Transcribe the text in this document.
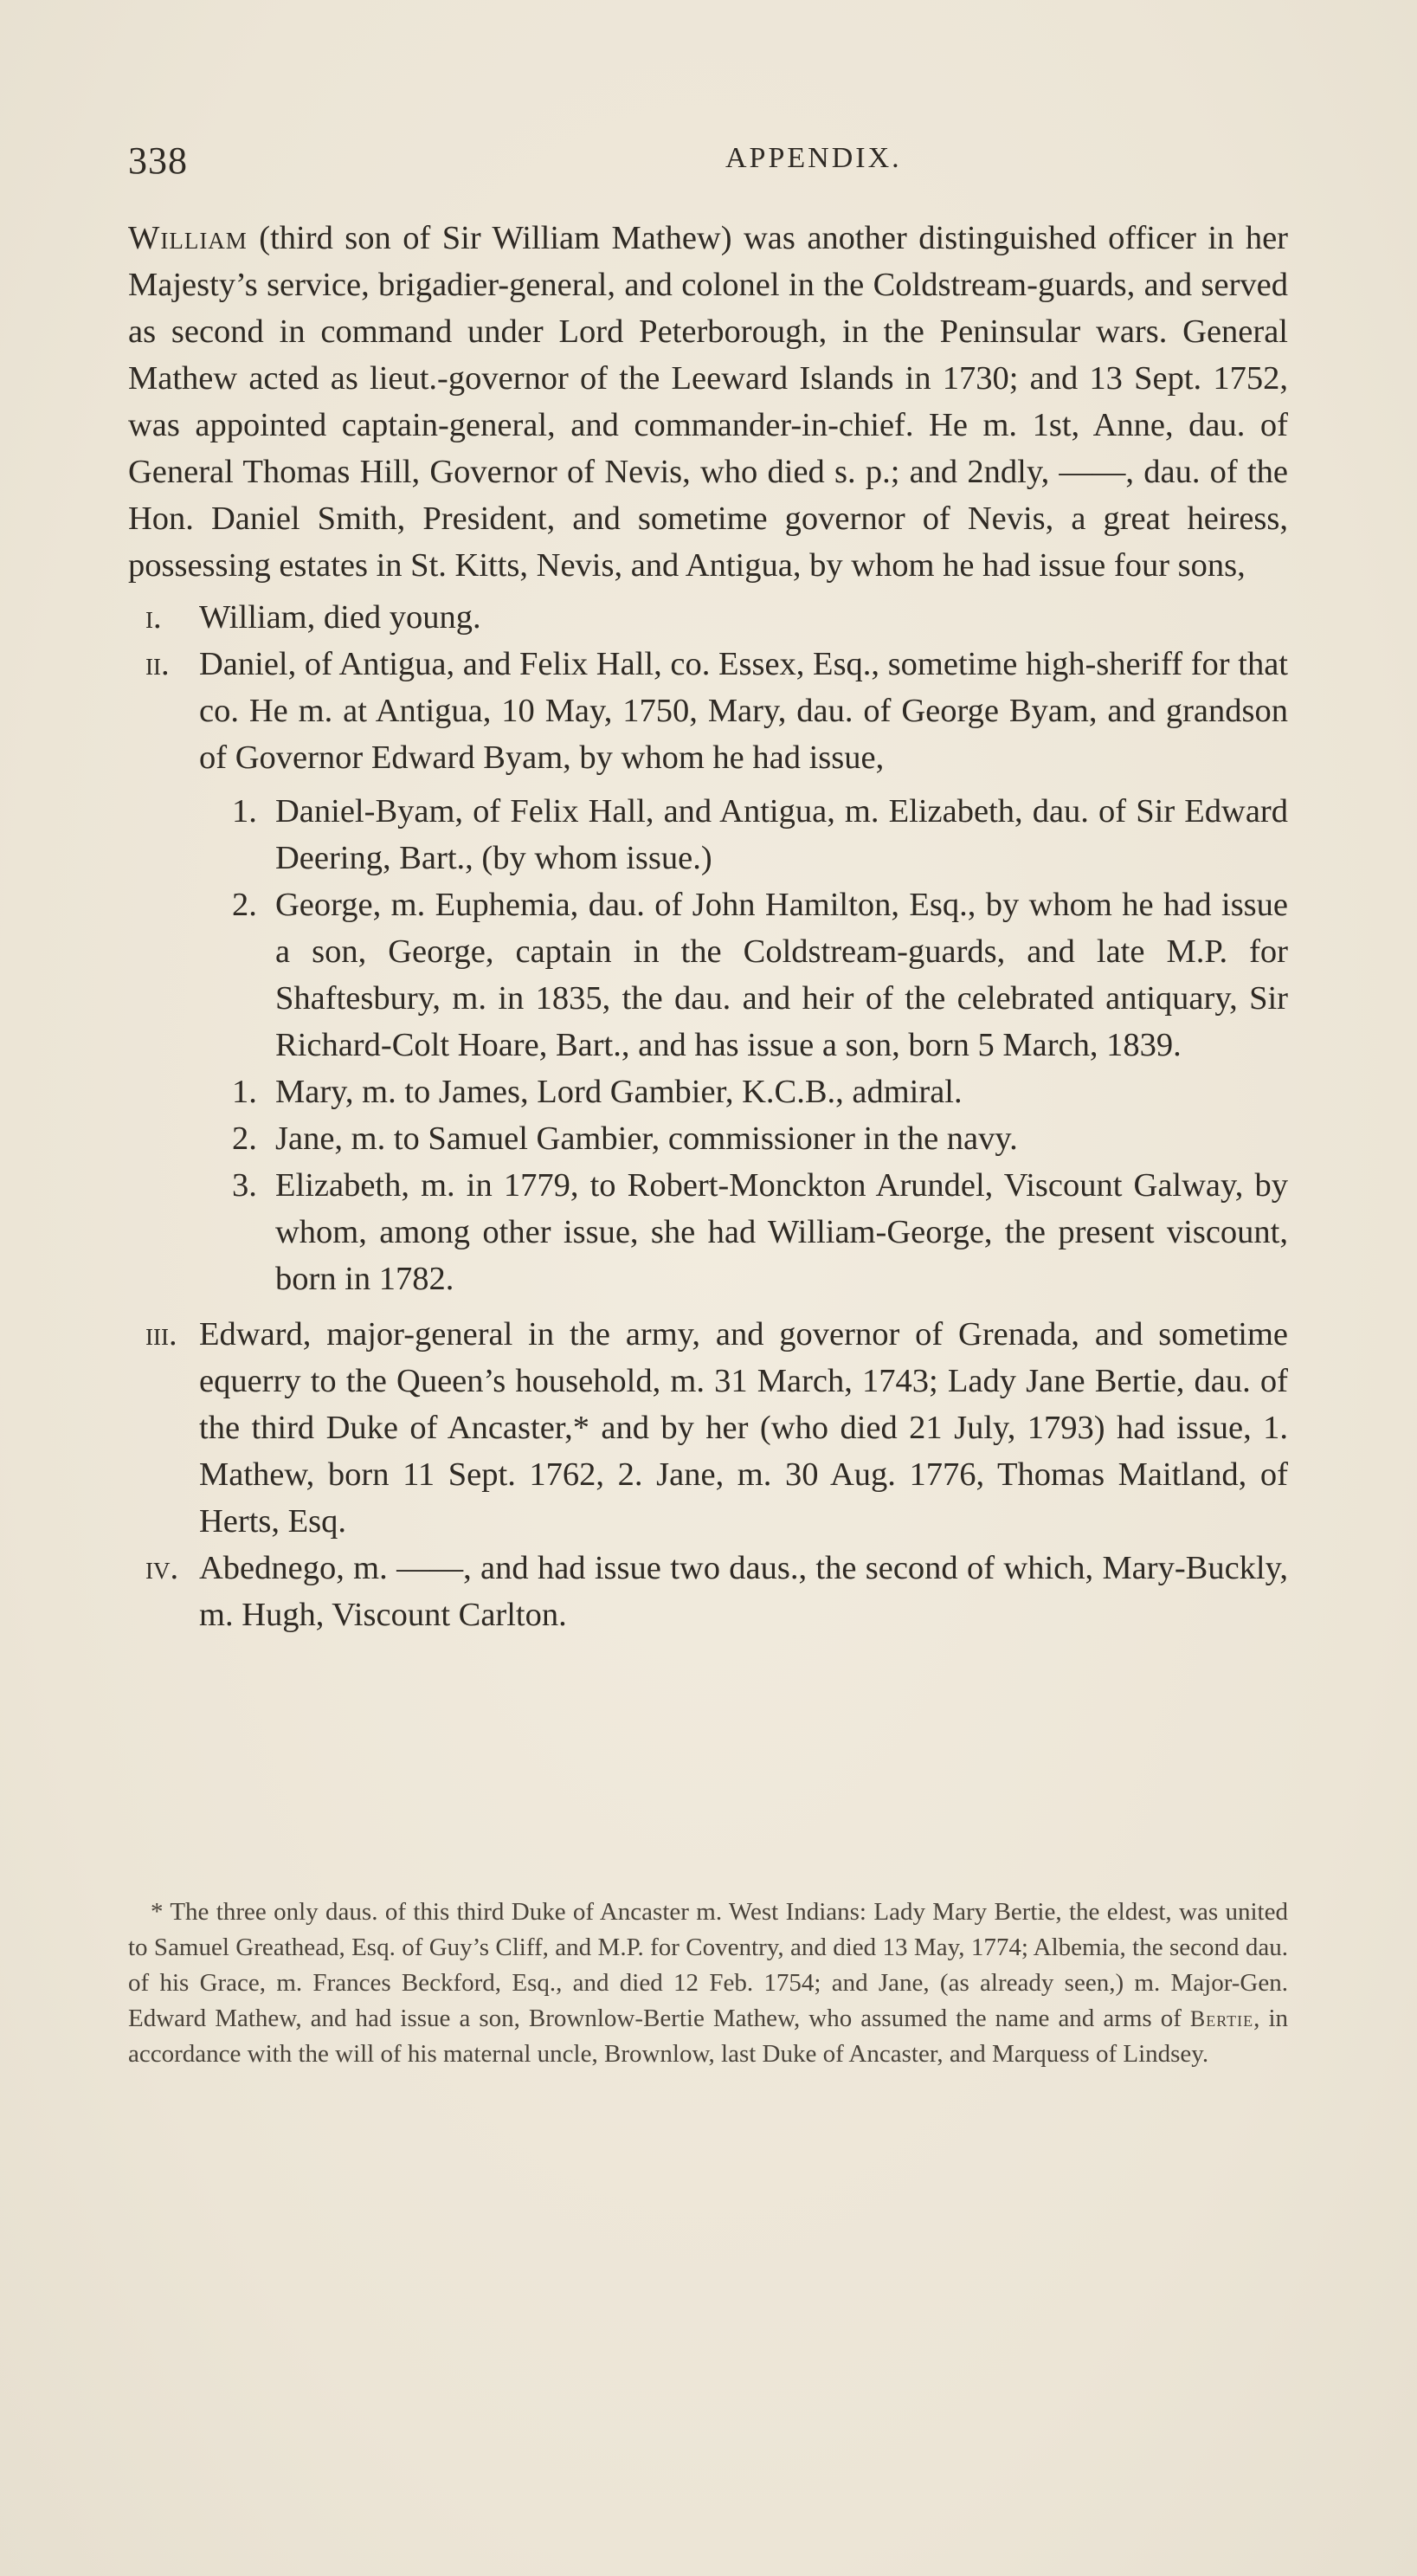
338	APPENDIX.

William (third son of Sir William Mathew) was another distinguished officer in her Majesty’s service, brigadier-general, and colonel in the Coldstream-guards, and served as second in command under Lord Peterborough, in the Peninsular wars. General Mathew acted as lieut.-governor of the Leeward Islands in 1730; and 13 Sept. 1752, was appointed captain-general, and commander-in-chief. He m. 1st, Anne, dau. of General Thomas Hill, Governor of Nevis, who died s. p.; and 2ndly, ——, dau. of the Hon. Daniel Smith, President, and sometime governor of Nevis, a great heiress, possessing estates in St. Kitts, Nevis, and Antigua, by whom he had issue four sons,

i.	William, died young.
ii. Daniel, of Antigua, and Felix Hall, co. Essex, Esq., sometime high-sheriff for that co. He m. at Antigua, 10 May, 1750, Mary, dau. of George Byam, and grandson of Governor Edward Byam, by whom he had issue,
1. Daniel-Byam, of Felix Hall, and Antigua, m. Elizabeth, dau. of Sir Edward Deering, Bart., (by whom issue.)
2. George, m. Euphemia, dau. of John Hamilton, Esq., by whom he had issue a son, George, captain in the Coldstream-guards, and late M.P. for Shaftesbury, m. in 1835, the dau. and heir of the celebrated antiquary, Sir Richard-Colt Hoare, Bart., and has issue a son, born 5 March, 1839.
1. Mary, m. to James, Lord Gambier, K.C.B., admiral.
2. Jane, m. to Samuel Gambier, commissioner in the navy.
3. Elizabeth, m. in 1779, to Robert-Monckton Arundel, Viscount Galway, by whom, among other issue, she had William-George, the present viscount, born in 1782.
iii. Edward, major-general in the army, and governor of Grenada, and sometime equerry to the Queen’s household, m. 31 March, 1743; Lady Jane Bertie, dau. of the third Duke of Ancaster,* and by her (who died 21 July, 1793) had issue, 1. Mathew, born 11 Sept. 1762, 2. Jane, m. 30 Aug. 1776, Thomas Maitland, of Herts, Esq.
iv. Abednego, m. ——, and had issue two daus., the second of which, Mary-Buckly, m. Hugh, Viscount Carlton.

* The three only daus. of this third Duke of Ancaster m. West Indians: Lady Mary Bertie, the eldest, was united to Samuel Greathead, Esq. of Guy’s Cliff, and M.P. for Coventry, and died 13 May, 1774; Albemia, the second dau. of his Grace, m. Frances Beckford, Esq., and died 12 Feb. 1754; and Jane, (as already seen,) m. Major-Gen. Edward Mathew, and had issue a son, Brownlow-Bertie Mathew, who assumed the name and arms of Bertie, in accordance with the will of his maternal uncle, Brownlow, last Duke of Ancaster, and Marquess of Lindsey.
